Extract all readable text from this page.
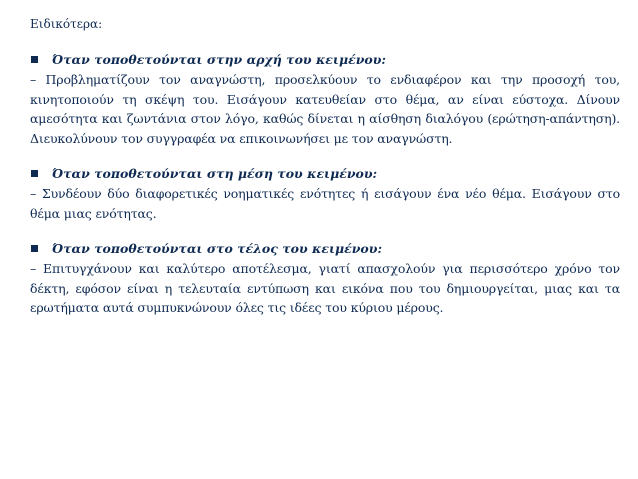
Ειδικότερα:

Όταν τοποθετούνται στην αρχή του κειμένου:

– Προβληματίζουν τον αναγνώστη, προσελκύουν το ενδιαφέρον και την προσοχή του, κινητοποιούν τη σκέψη του. Εισάγουν κατευθείαν στο θέμα, αν είναι εύστοχα. Δίνουν αμεσότητα και ζωντάνια στον λόγο, καθώς δίνεται η αίσθηση διαλόγου (ερώτηση-απάντηση). Διευκολύνουν τον συγγραφέα να επικοινωνήσει με τον αναγνώστη.

Όταν τοποθετούνται στη μέση του κειμένου:

– Συνδέουν δύο διαφορετικές νοηματικές ενότητες ή εισάγουν ένα νέο θέμα. Εισάγουν στο θέμα μιας ενότητας.

Όταν τοποθετούνται στο τέλος του κειμένου:

– Επιτυγχάνουν και καλύτερο αποτέλεσμα, γιατί απασχολούν για περισσότερο χρόνο τον δέκτη, εφόσον είναι η τελευταία εντύπωση και εικόνα που του δημιουργείται, μιας και τα ερωτήματα αυτά συμπυκνώνουν όλες τις ιδέες του κύριου μέρους.
